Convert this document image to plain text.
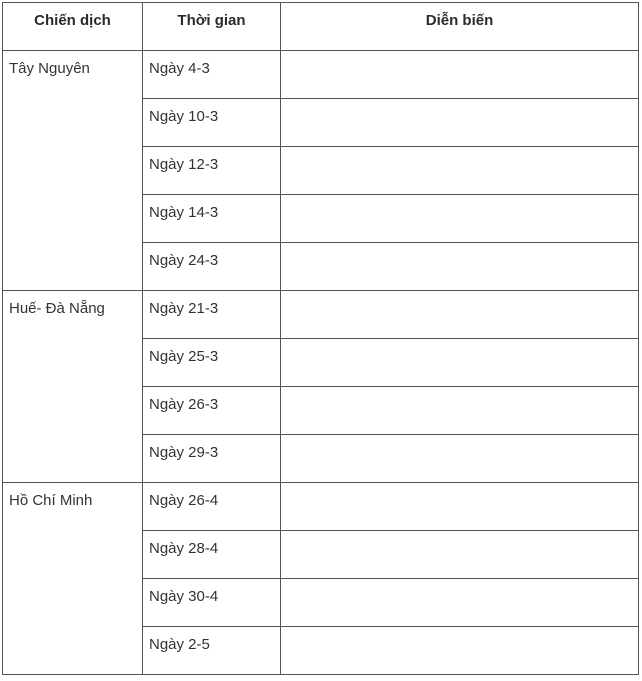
Chiến dịch	Thời gian	Diễn biến
Tây Nguyên	Ngày 4-3	
	Ngày 10-3	
	Ngày 12-3	
	Ngày 14-3	
	Ngày 24-3	
Huế- Đà Nẵng	Ngày 21-3	
	Ngày 25-3	
	Ngày 26-3	
	Ngày 29-3	
Hồ Chí Minh	Ngày 26-4	
	Ngày 28-4	
	Ngày 30-4	
	Ngày 2-5	
